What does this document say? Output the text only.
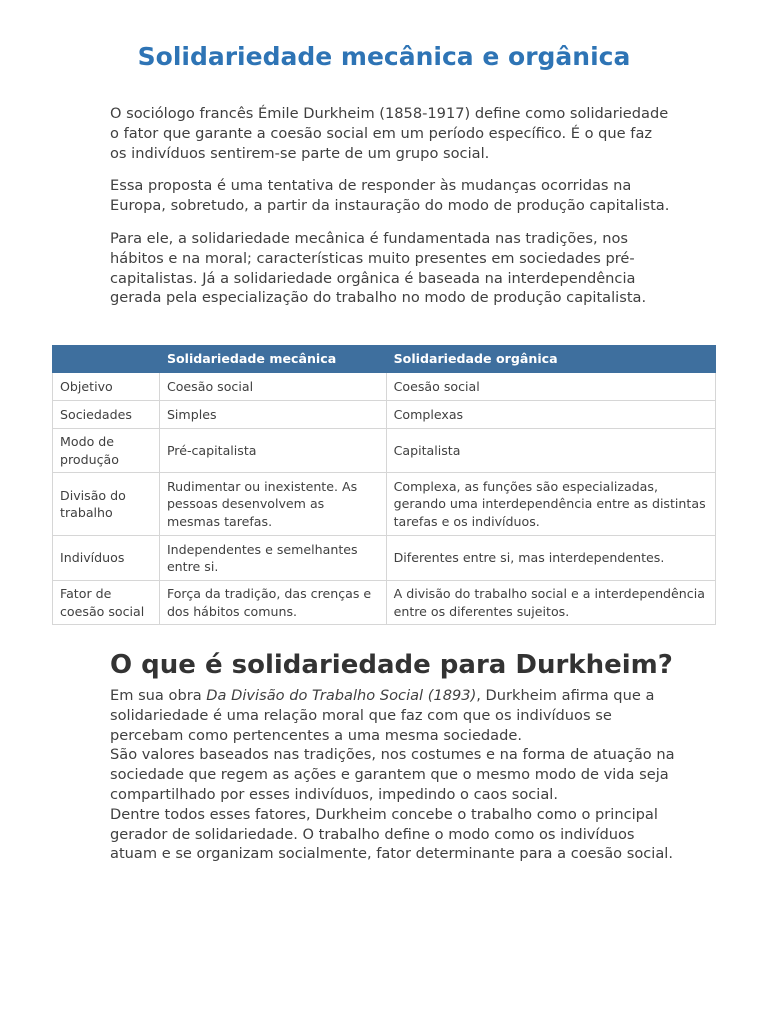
Solidariedade mecânica e orgânica

O sociólogo francês Émile Durkheim (1858-1917) define como solidariedade o fator que garante a coesão social em um período específico. É o que faz os indivíduos sentirem-se parte de um grupo social.

Essa proposta é uma tentativa de responder às mudanças ocorridas na Europa, sobretudo, a partir da instauração do modo de produção capitalista.

Para ele, a solidariedade mecânica é fundamentada nas tradições, nos hábitos e na moral; características muito presentes em sociedades pré-capitalistas. Já a solidariedade orgânica é baseada na interdependência gerada pela especialização do trabalho no modo de produção capitalista.

	Solidariedade mecânica	Solidariedade orgânica
Objetivo	Coesão social	Coesão social
Sociedades	Simples	Complexas
Modo de produção	Pré-capitalista	Capitalista
Divisão do trabalho	Rudimentar ou inexistente. As pessoas desenvolvem as mesmas tarefas.	Complexa, as funções são especializadas, gerando uma interdependência entre as distintas tarefas e os indivíduos.
Indivíduos	Independentes e semelhantes entre si.	Diferentes entre si, mas interdependentes.
Fator de coesão social	Força da tradição, das crenças e dos hábitos comuns.	A divisão do trabalho social e a interdependência entre os diferentes sujeitos.
O que é solidariedade para Durkheim?
Em sua obra Da Divisão do Trabalho Social (1893), Durkheim afirma que a solidariedade é uma relação moral que faz com que os indivíduos se percebam como pertencentes a uma mesma sociedade.
São valores baseados nas tradições, nos costumes e na forma de atuação na sociedade que regem as ações e garantem que o mesmo modo de vida seja compartilhado por esses indivíduos, impedindo o caos social.
Dentre todos esses fatores, Durkheim concebe o trabalho como o principal gerador de solidariedade. O trabalho define o modo como os indivíduos atuam e se organizam socialmente, fator determinante para a coesão social.
